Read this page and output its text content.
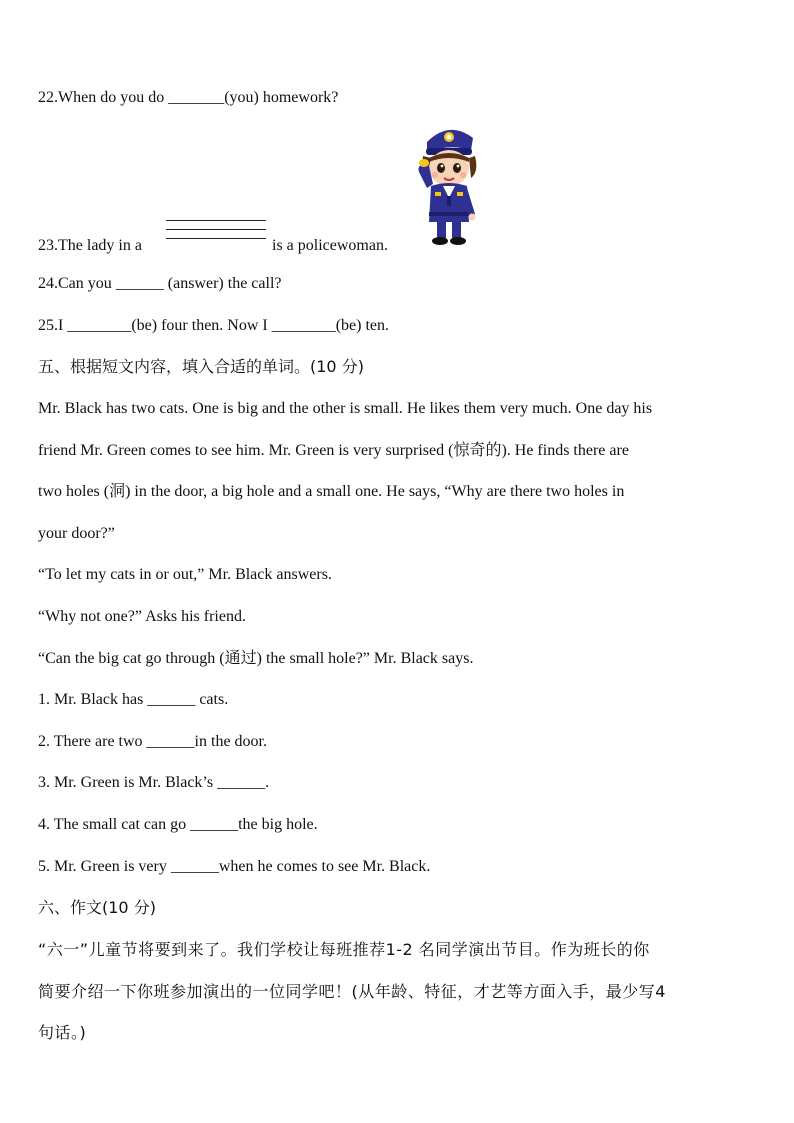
22.When do you do _______(you) homework?
23.The lady in a	is a policewoman.
24.Can you ______ (answer) the call?
25.I ________(be) four then. Now I ________(be) ten.
五、根据短文内容，填入合适的单词。(10 分)
Mr. Black has two cats. One is big and the other is small. He likes them very much. One day his
friend Mr. Green comes to see him. Mr. Green is very surprised (惊奇的). He finds there are
two holes (洞) in the door, a big hole and a small one. He says, “Why are there two holes in
your door?”
“To let my cats in or out,” Mr. Black answers.
“Why not one?” Asks his friend.
“Can the big cat go through (通过) the small hole?” Mr. Black says.
1. Mr. Black has ______ cats.
2. There are two ______in the door.
3. Mr. Green is Mr. Black’s ______.
4. The small cat can go ______the big hole.
5. Mr. Green is very ______when he comes to see Mr. Black.
六、作文(10 分)
“六一”儿童节将要到来了。我们学校让每班推荐1-2 名同学演出节目。作为班长的你
简要介绍一下你班参加演出的一位同学吧！(从年龄、特征，才艺等方面入手，最少写4
句话。)
